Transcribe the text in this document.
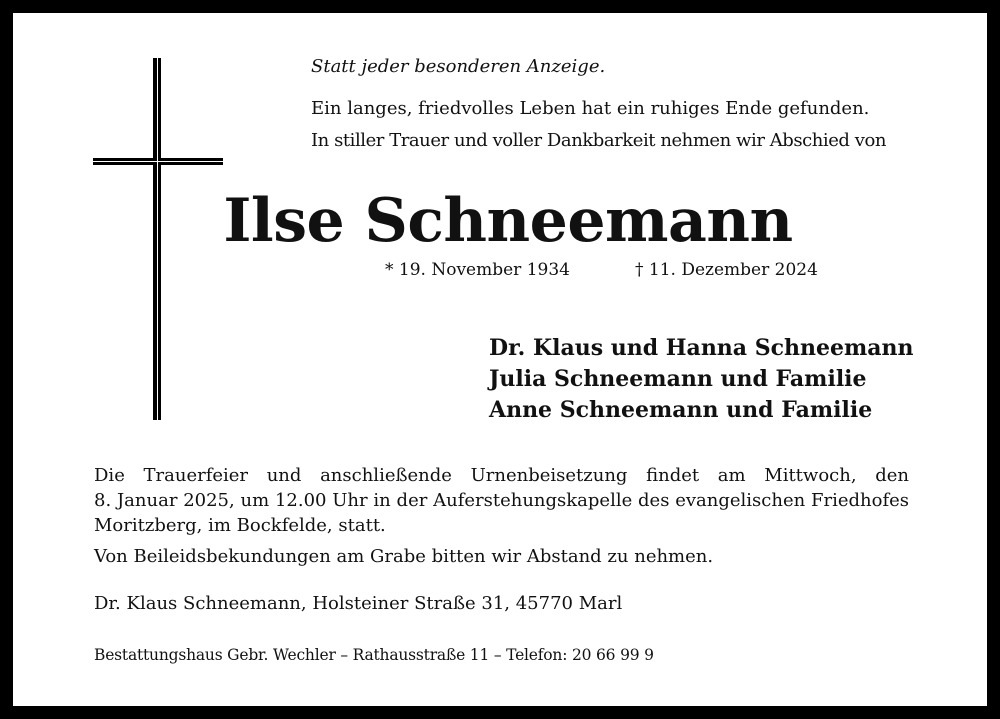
Statt jeder besonderen Anzeige.
Ein langes, friedvolles Leben hat ein ruhiges Ende gefunden.
In stiller Trauer und voller Dankbarkeit nehmen wir Abschied von
Ilse Schneemann
* 19. November 1934	† 11. Dezember 2024
Dr. Klaus und Hanna Schneemann
Julia Schneemann und Familie
Anne Schneemann und Familie
Die Trauerfeier und anschließende Urnenbeisetzung findet am Mittwoch, den
8. Januar 2025, um 12.00 Uhr in der Auferstehungskapelle des evangelischen Friedhofes
Moritzberg, im Bockfelde, statt.
Von Beileidsbekundungen am Grabe bitten wir Abstand zu nehmen.
Dr. Klaus Schneemann, Holsteiner Straße 31, 45770 Marl
Bestattungshaus Gebr. Wechler – Rathausstraße 11 – Telefon: 20 66 99 9
